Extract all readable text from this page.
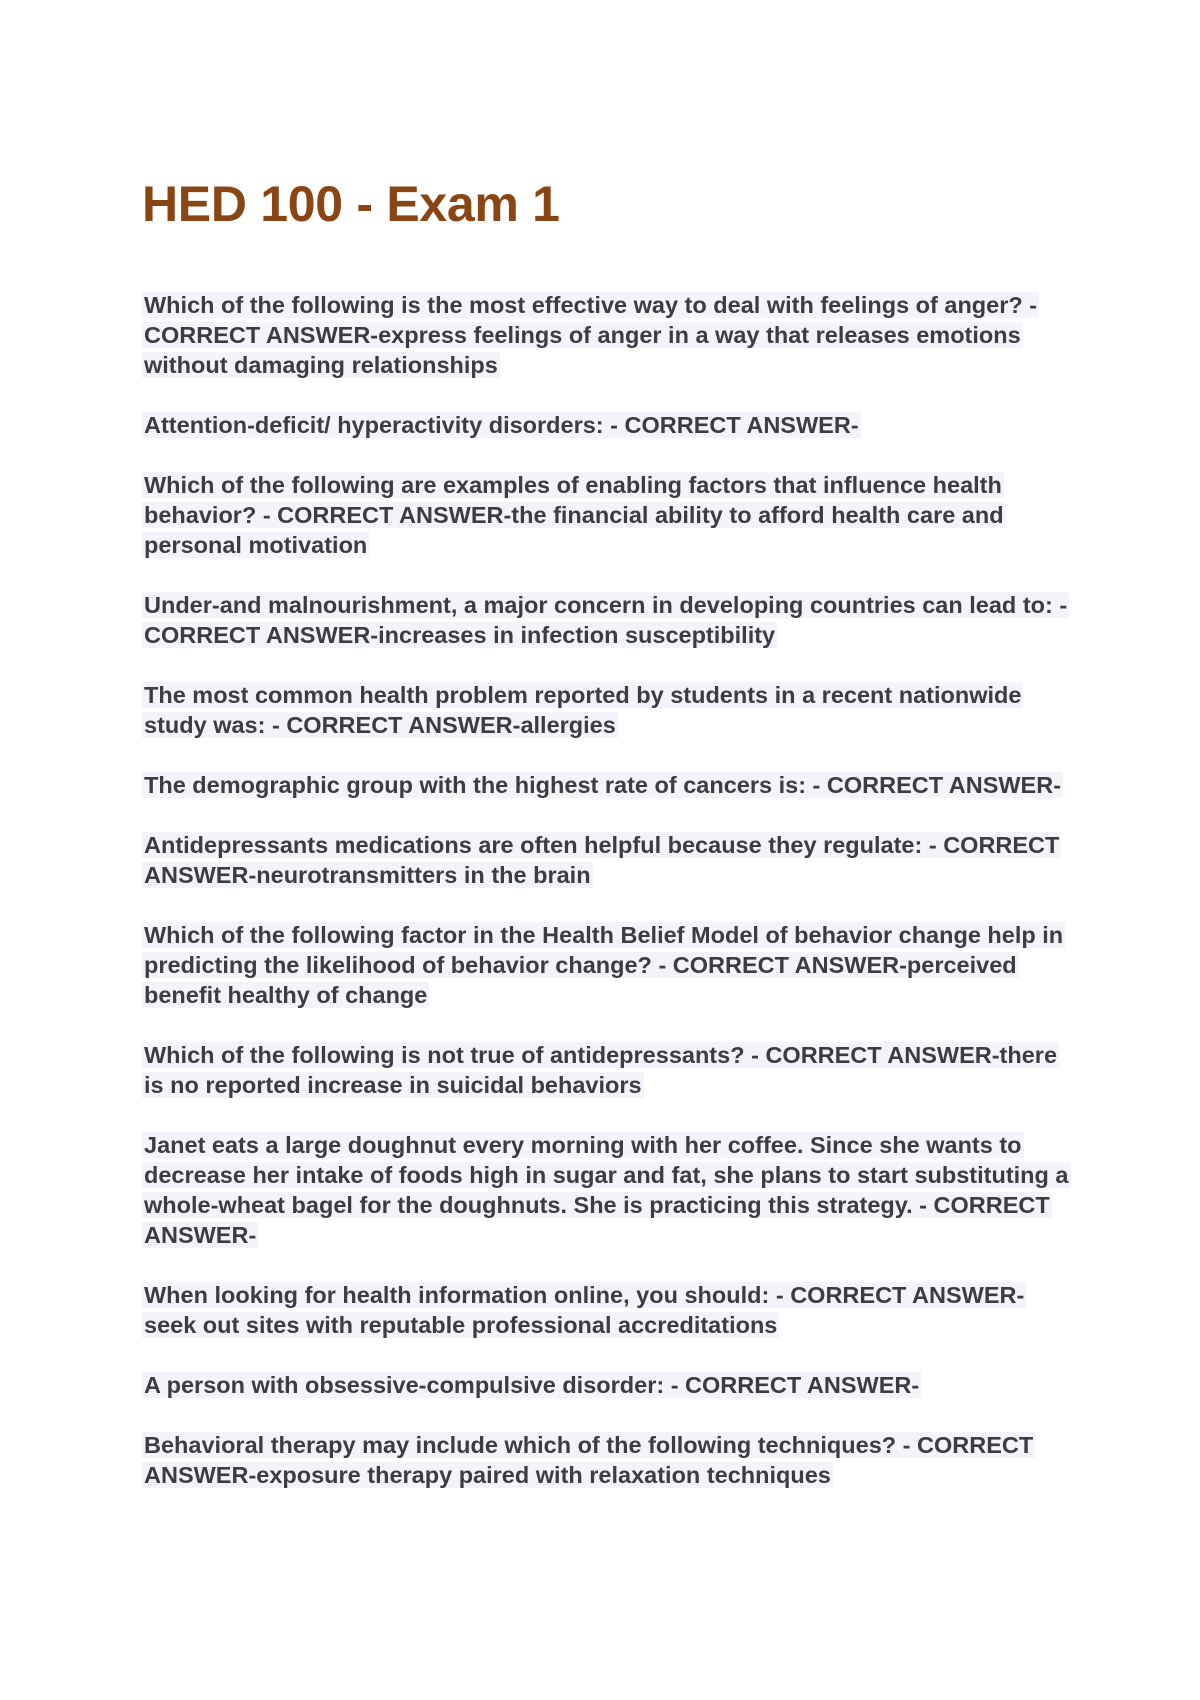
HED 100 - Exam 1
Which of the following is the most effective way to deal with feelings of anger? - CORRECT ANSWER-express feelings of anger in a way that releases emotions without damaging relationships
Attention-deficit/ hyperactivity disorders: - CORRECT ANSWER-
Which of the following are examples of enabling factors that influence health behavior? - CORRECT ANSWER-the financial ability to afford health care and personal motivation
Under-and malnourishment, a major concern in developing countries can lead to: - CORRECT ANSWER-increases in infection susceptibility
The most common health problem reported by students in a recent nationwide study was: - CORRECT ANSWER-allergies
The demographic group with the highest rate of cancers is: - CORRECT ANSWER-
Antidepressants medications are often helpful because they regulate: - CORRECT ANSWER-neurotransmitters in the brain
Which of the following factor in the Health Belief Model of behavior change help in predicting the likelihood of behavior change? - CORRECT ANSWER-perceived benefit healthy of change
Which of the following is not true of antidepressants? - CORRECT ANSWER-there is no reported increase in suicidal behaviors
Janet eats a large doughnut every morning with her coffee. Since she wants to decrease her intake of foods high in sugar and fat, she plans to start substituting a whole-wheat bagel for the doughnuts. She is practicing this strategy. - CORRECT ANSWER-
When looking for health information online, you should: - CORRECT ANSWER-seek out sites with reputable professional accreditations
A person with obsessive-compulsive disorder: - CORRECT ANSWER-
Behavioral therapy may include which of the following techniques? - CORRECT ANSWER-exposure therapy paired with relaxation techniques
